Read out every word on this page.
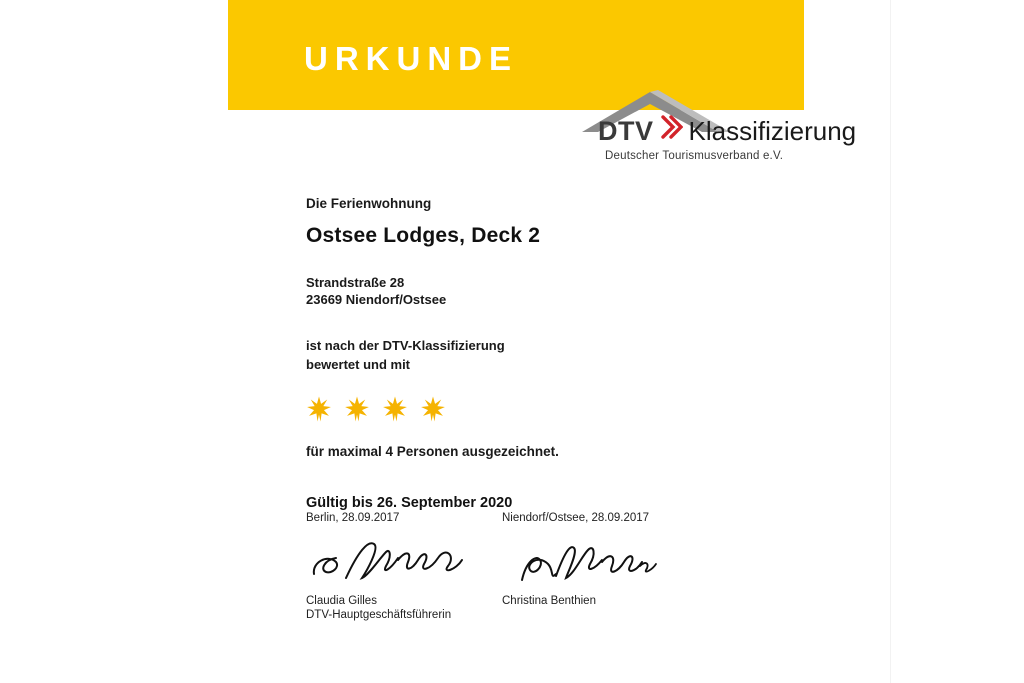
URKUNDE
DTV Klassifizierung
Deutscher Tourismusverband e.V.
Die Ferienwohnung
Ostsee Lodges, Deck 2
Strandstraße 28
23669 Niendorf/Ostsee
ist nach der DTV-Klassifizierung
bewertet und mit
für maximal 4 Personen ausgezeichnet.
Gültig bis 26. September 2020
Berlin, 28.09.2017
Claudia Gilles
DTV-Hauptgeschäftsführerin
Niendorf/Ostsee, 28.09.2017
Christina Benthien
